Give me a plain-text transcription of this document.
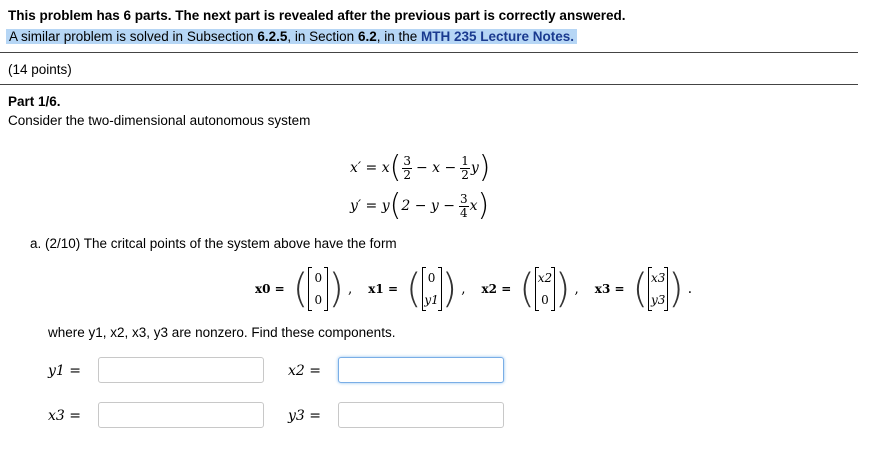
This problem has 6 parts. The next part is revealed after the previous part is correctly answered.
A similar problem is solved in Subsection 6.2.5, in Section 6.2, in the MTH 235 Lecture Notes.
(14 points)
Part 1/6.
Consider the two-dimensional autonomous system
x′ = x ( $\frac{3}{2} - x - \frac{1}{2}$ y )
y′ = y ( $2 - y - \frac{3}{4}$ x )
a. (2/10) The critcal points of the system above have the form
x0 = ( 0
0 ) , x1 = ( 0
y1 ) , x2 = ( x2
0 ) , x3 = ( x3
y3 ) .
where y1, x2, x3, y3 are nonzero. Find these components.
y1 =	x2 =
x3 =	y3 =
